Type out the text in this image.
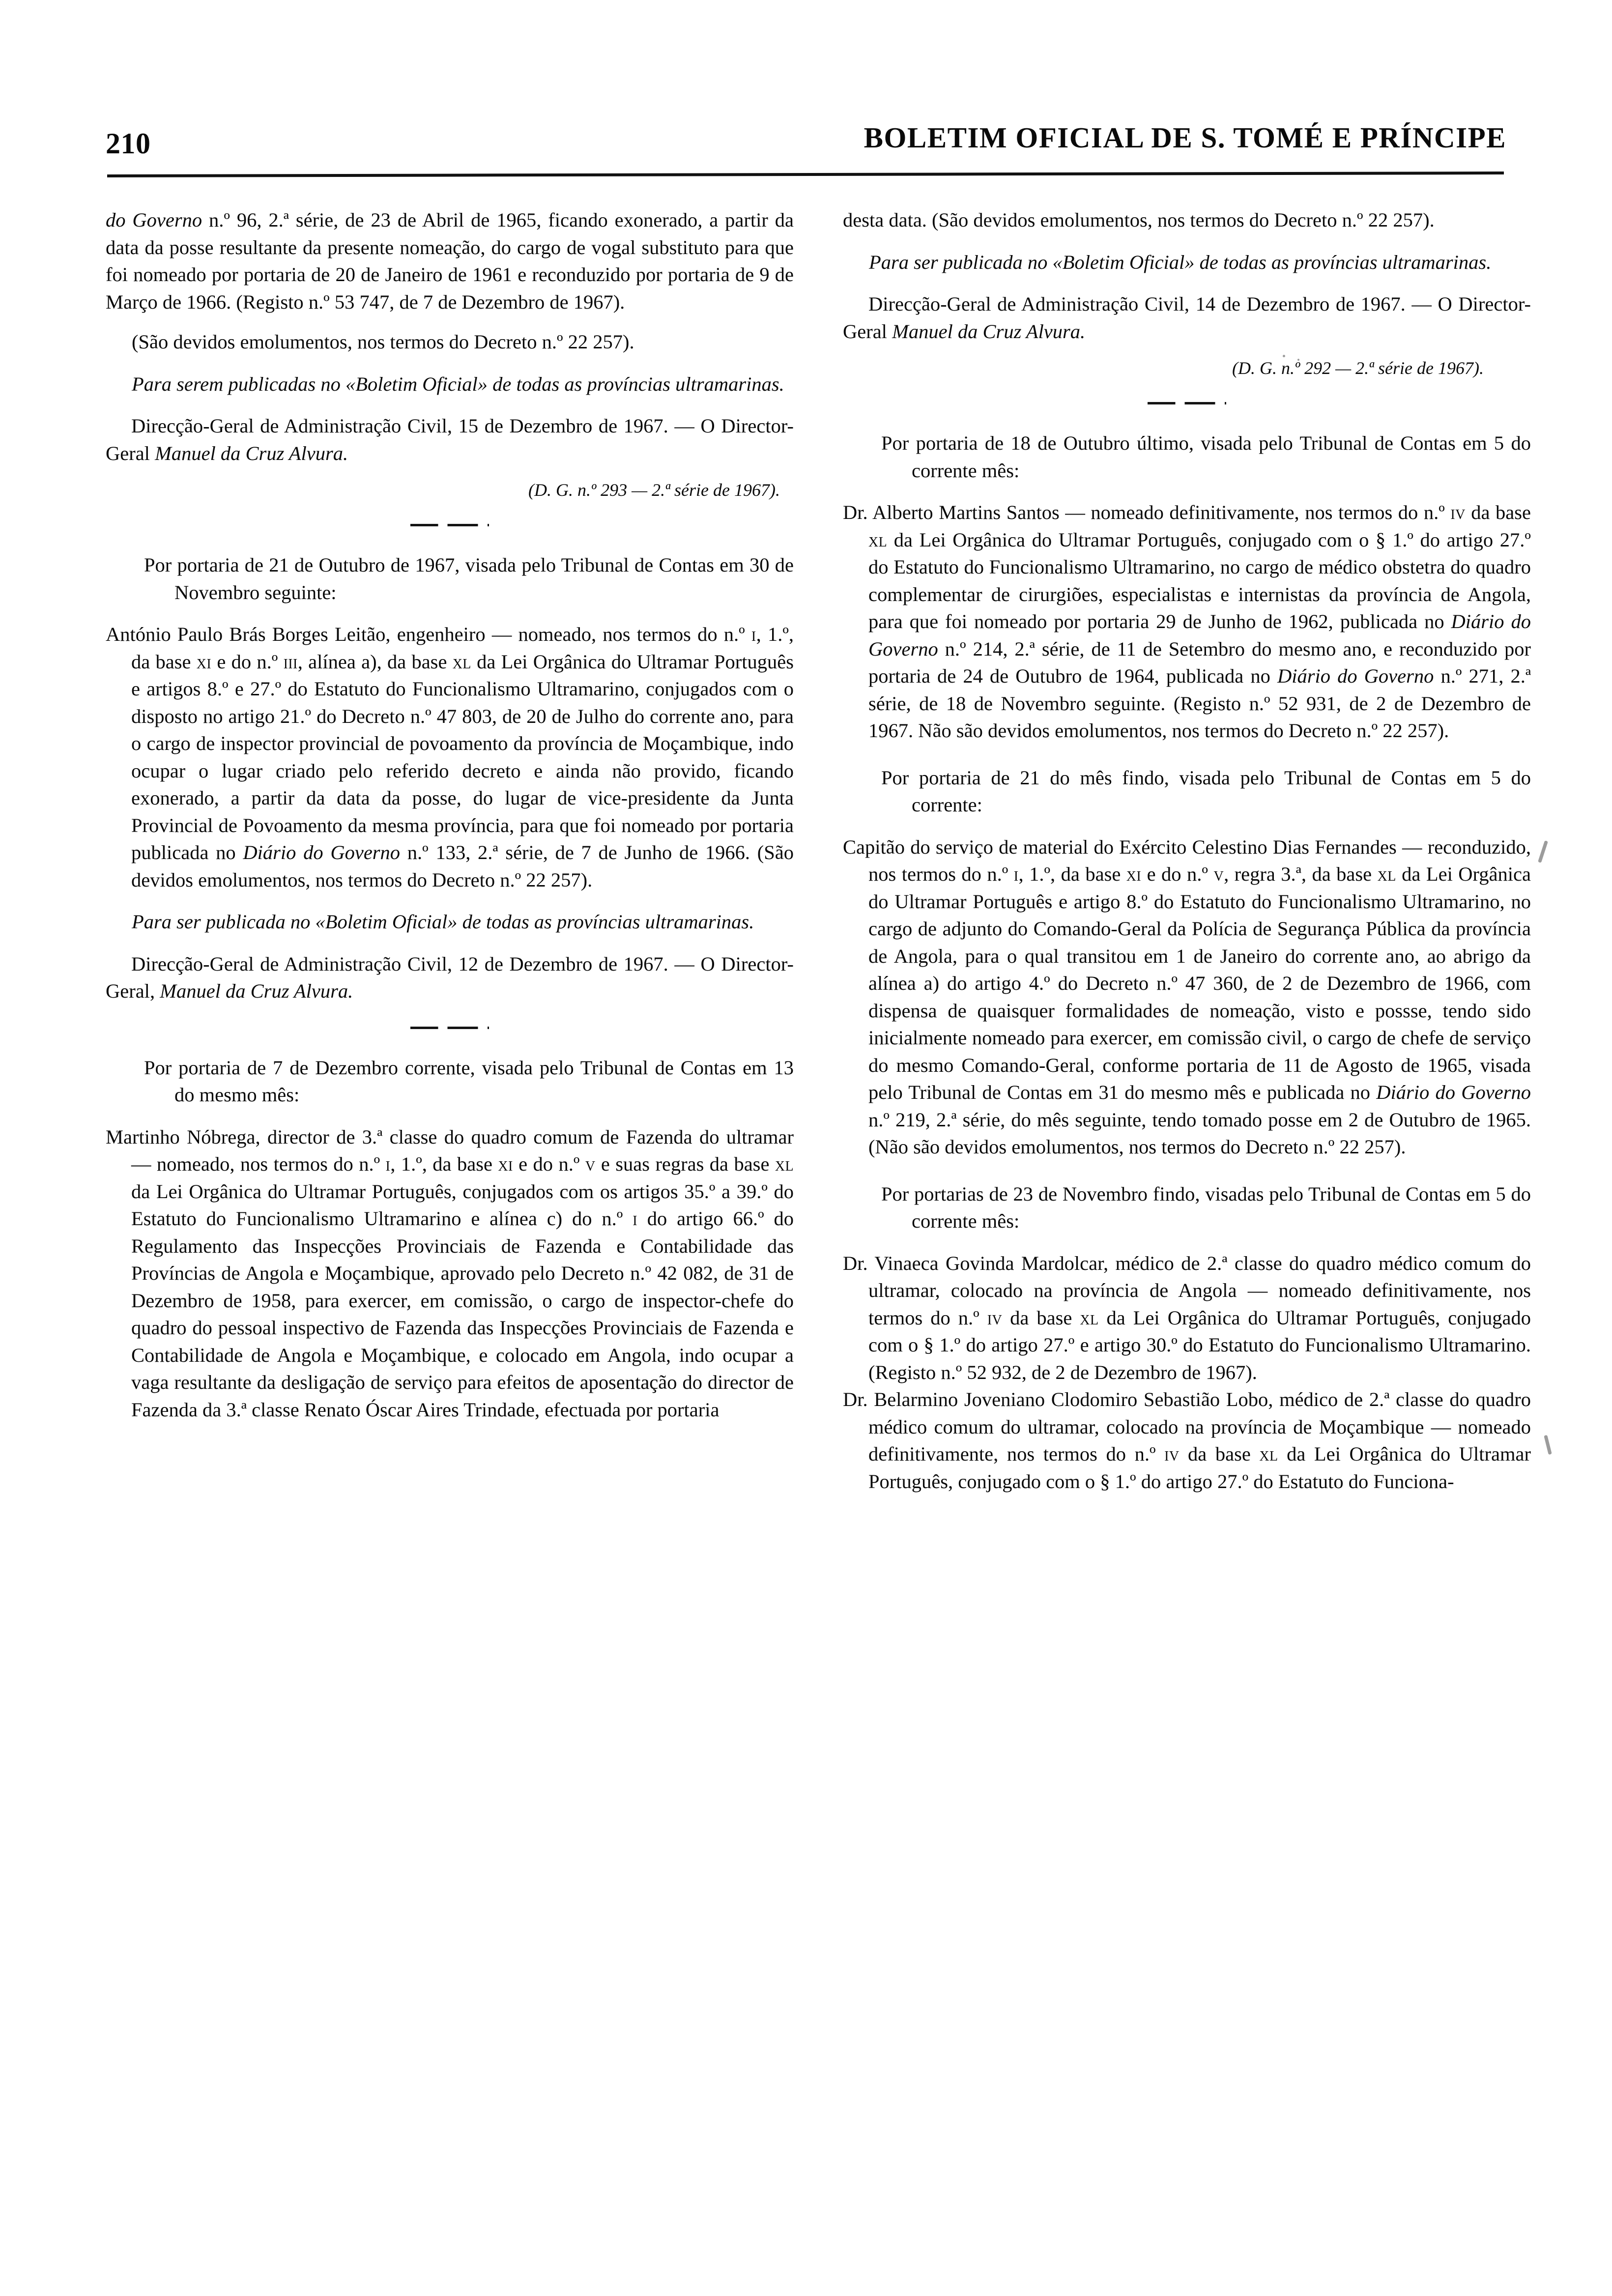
210	BOLETIM OFICIAL DE S. TOMÉ E PRÍNCIPE

do Governo n.º 96, 2.ª série, de 23 de Abril de 1965, ficando exonerado, a partir da data da posse resultante da presente nomeação, do cargo de vogal substituto para que foi nomeado por portaria de 20 de Janeiro de 1961 e reconduzido por portaria de 9 de Março de 1966. (Registo n.º 53 747, de 7 de Dezembro de 1967).

(São devidos emolumentos, nos termos do Decreto n.º 22 257).

Para serem publicadas no «Boletim Oficial» de todas as províncias ultramarinas.

Direcção-Geral de Administração Civil, 15 de Dezembro de 1967. — O Director-Geral Manuel da Cruz Alvura.

(D. G. n.º 293 — 2.ª série de 1967).

Por portaria de 21 de Outubro de 1967, visada pelo Tribunal de Contas em 30 de Novembro seguinte:

António Paulo Brás Borges Leitão, engenheiro — nomeado, nos termos do n.º i, 1.º, da base xi e do n.º iii, alínea a), da base xl da Lei Orgânica do Ultramar Português e artigos 8.º e 27.º do Estatuto do Funcionalismo Ultramarino, conjugados com o disposto no artigo 21.º do Decreto n.º 47 803, de 20 de Julho do corrente ano, para o cargo de inspector provincial de povoamento da província de Moçambique, indo ocupar o lugar criado pelo referido decreto e ainda não provido, ficando exonerado, a partir da data da posse, do lugar de vice-presidente da Junta Provincial de Povoamento da mesma província, para que foi nomeado por portaria publicada no Diário do Governo n.º 133, 2.ª série, de 7 de Junho de 1966. (São devidos emolumentos, nos termos do Decreto n.º 22 257).

Para ser publicada no «Boletim Oficial» de todas as províncias ultramarinas.

Direcção-Geral de Administração Civil, 12 de Dezembro de 1967. — O Director-Geral, Manuel da Cruz Alvura.

Por portaria de 7 de Dezembro corrente, visada pelo Tribunal de Contas em 13 do mesmo mês:

Martinho Nóbrega, director de 3.ª classe do quadro comum de Fazenda do ultramar — nomeado, nos termos do n.º i, 1.º, da base xi e do n.º v e suas regras da base xl da Lei Orgânica do Ultramar Português, conjugados com os artigos 35.º a 39.º do Estatuto do Funcionalismo Ultramarino e alínea c) do n.º i do artigo 66.º do Regulamento das Inspecções Provinciais de Fazenda e Contabilidade das Províncias de Angola e Moçambique, aprovado pelo Decreto n.º 42 082, de 31 de Dezembro de 1958, para exercer, em comissão, o cargo de inspector-chefe do quadro do pessoal inspectivo de Fazenda das Inspecções Provinciais de Fazenda e Contabilidade de Angola e Moçambique, e colocado em Angola, indo ocupar a vaga resultante da desligação de serviço para efeitos de aposentação do director de Fazenda da 3.ª classe Renato Óscar Aires Trindade, efectuada por portaria

desta data. (São devidos emolumentos, nos termos do Decreto n.º 22 257).

Para ser publicada no «Boletim Oficial» de todas as províncias ultramarinas.

Direcção-Geral de Administração Civil, 14 de Dezembro de 1967. — O Director-Geral Manuel da Cruz Alvura.

(D. G. n.º 292 — 2.ª série de 1967).

Por portaria de 18 de Outubro último, visada pelo Tribunal de Contas em 5 do corrente mês:

Dr. Alberto Martins Santos — nomeado definitivamente, nos termos do n.º iv da base xl da Lei Orgânica do Ultramar Português, conjugado com o § 1.º do artigo 27.º do Estatuto do Funcionalismo Ultramarino, no cargo de médico obstetra do quadro complementar de cirurgiões, especialistas e internistas da província de Angola, para que foi nomeado por portaria 29 de Junho de 1962, publicada no Diário do Governo n.º 214, 2.ª série, de 11 de Setembro do mesmo ano, e reconduzido por portaria de 24 de Outubro de 1964, publicada no Diário do Governo n.º 271, 2.ª série, de 18 de Novembro seguinte. (Registo n.º 52 931, de 2 de Dezembro de 1967. Não são devidos emolumentos, nos termos do Decreto n.º 22 257).

Por portaria de 21 do mês findo, visada pelo Tribunal de Contas em 5 do corrente:

Capitão do serviço de material do Exército Celestino Dias Fernandes — reconduzido, nos termos do n.º i, 1.º, da base xi e do n.º v, regra 3.ª, da base xl da Lei Orgânica do Ultramar Português e artigo 8.º do Estatuto do Funcionalismo Ultramarino, no cargo de adjunto do Comando-Geral da Polícia de Segurança Pública da província de Angola, para o qual transitou em 1 de Janeiro do corrente ano, ao abrigo da alínea a) do artigo 4.º do Decreto n.º 47 360, de 2 de Dezembro de 1966, com dispensa de quaisquer formalidades de nomeação, visto e possse, tendo sido inicialmente nomeado para exercer, em comissão civil, o cargo de chefe de serviço do mesmo Comando-Geral, conforme portaria de 11 de Agosto de 1965, visada pelo Tribunal de Contas em 31 do mesmo mês e publicada no Diário do Governo n.º 219, 2.ª série, do mês seguinte, tendo tomado posse em 2 de Outubro de 1965. (Não são devidos emolumentos, nos termos do Decreto n.º 22 257).

Por portarias de 23 de Novembro findo, visadas pelo Tribunal de Contas em 5 do corrente mês:

Dr. Vinaeca Govinda Mardolcar, médico de 2.ª classe do quadro médico comum do ultramar, colocado na província de Angola — nomeado definitivamente, nos termos do n.º iv da base xl da Lei Orgânica do Ultramar Português, conjugado com o § 1.º do artigo 27.º e artigo 30.º do Estatuto do Funcionalismo Ultramarino. (Registo n.º 52 932, de 2 de Dezembro de 1967).

Dr. Belarmino Joveniano Clodomiro Sebastião Lobo, médico de 2.ª classe do quadro médico comum do ultramar, colocado na província de Moçambique — nomeado definitivamente, nos termos do n.º iv da base xl da Lei Orgânica do Ultramar Português, conjugado com o § 1.º do artigo 27.º do Estatuto do Funciona-
